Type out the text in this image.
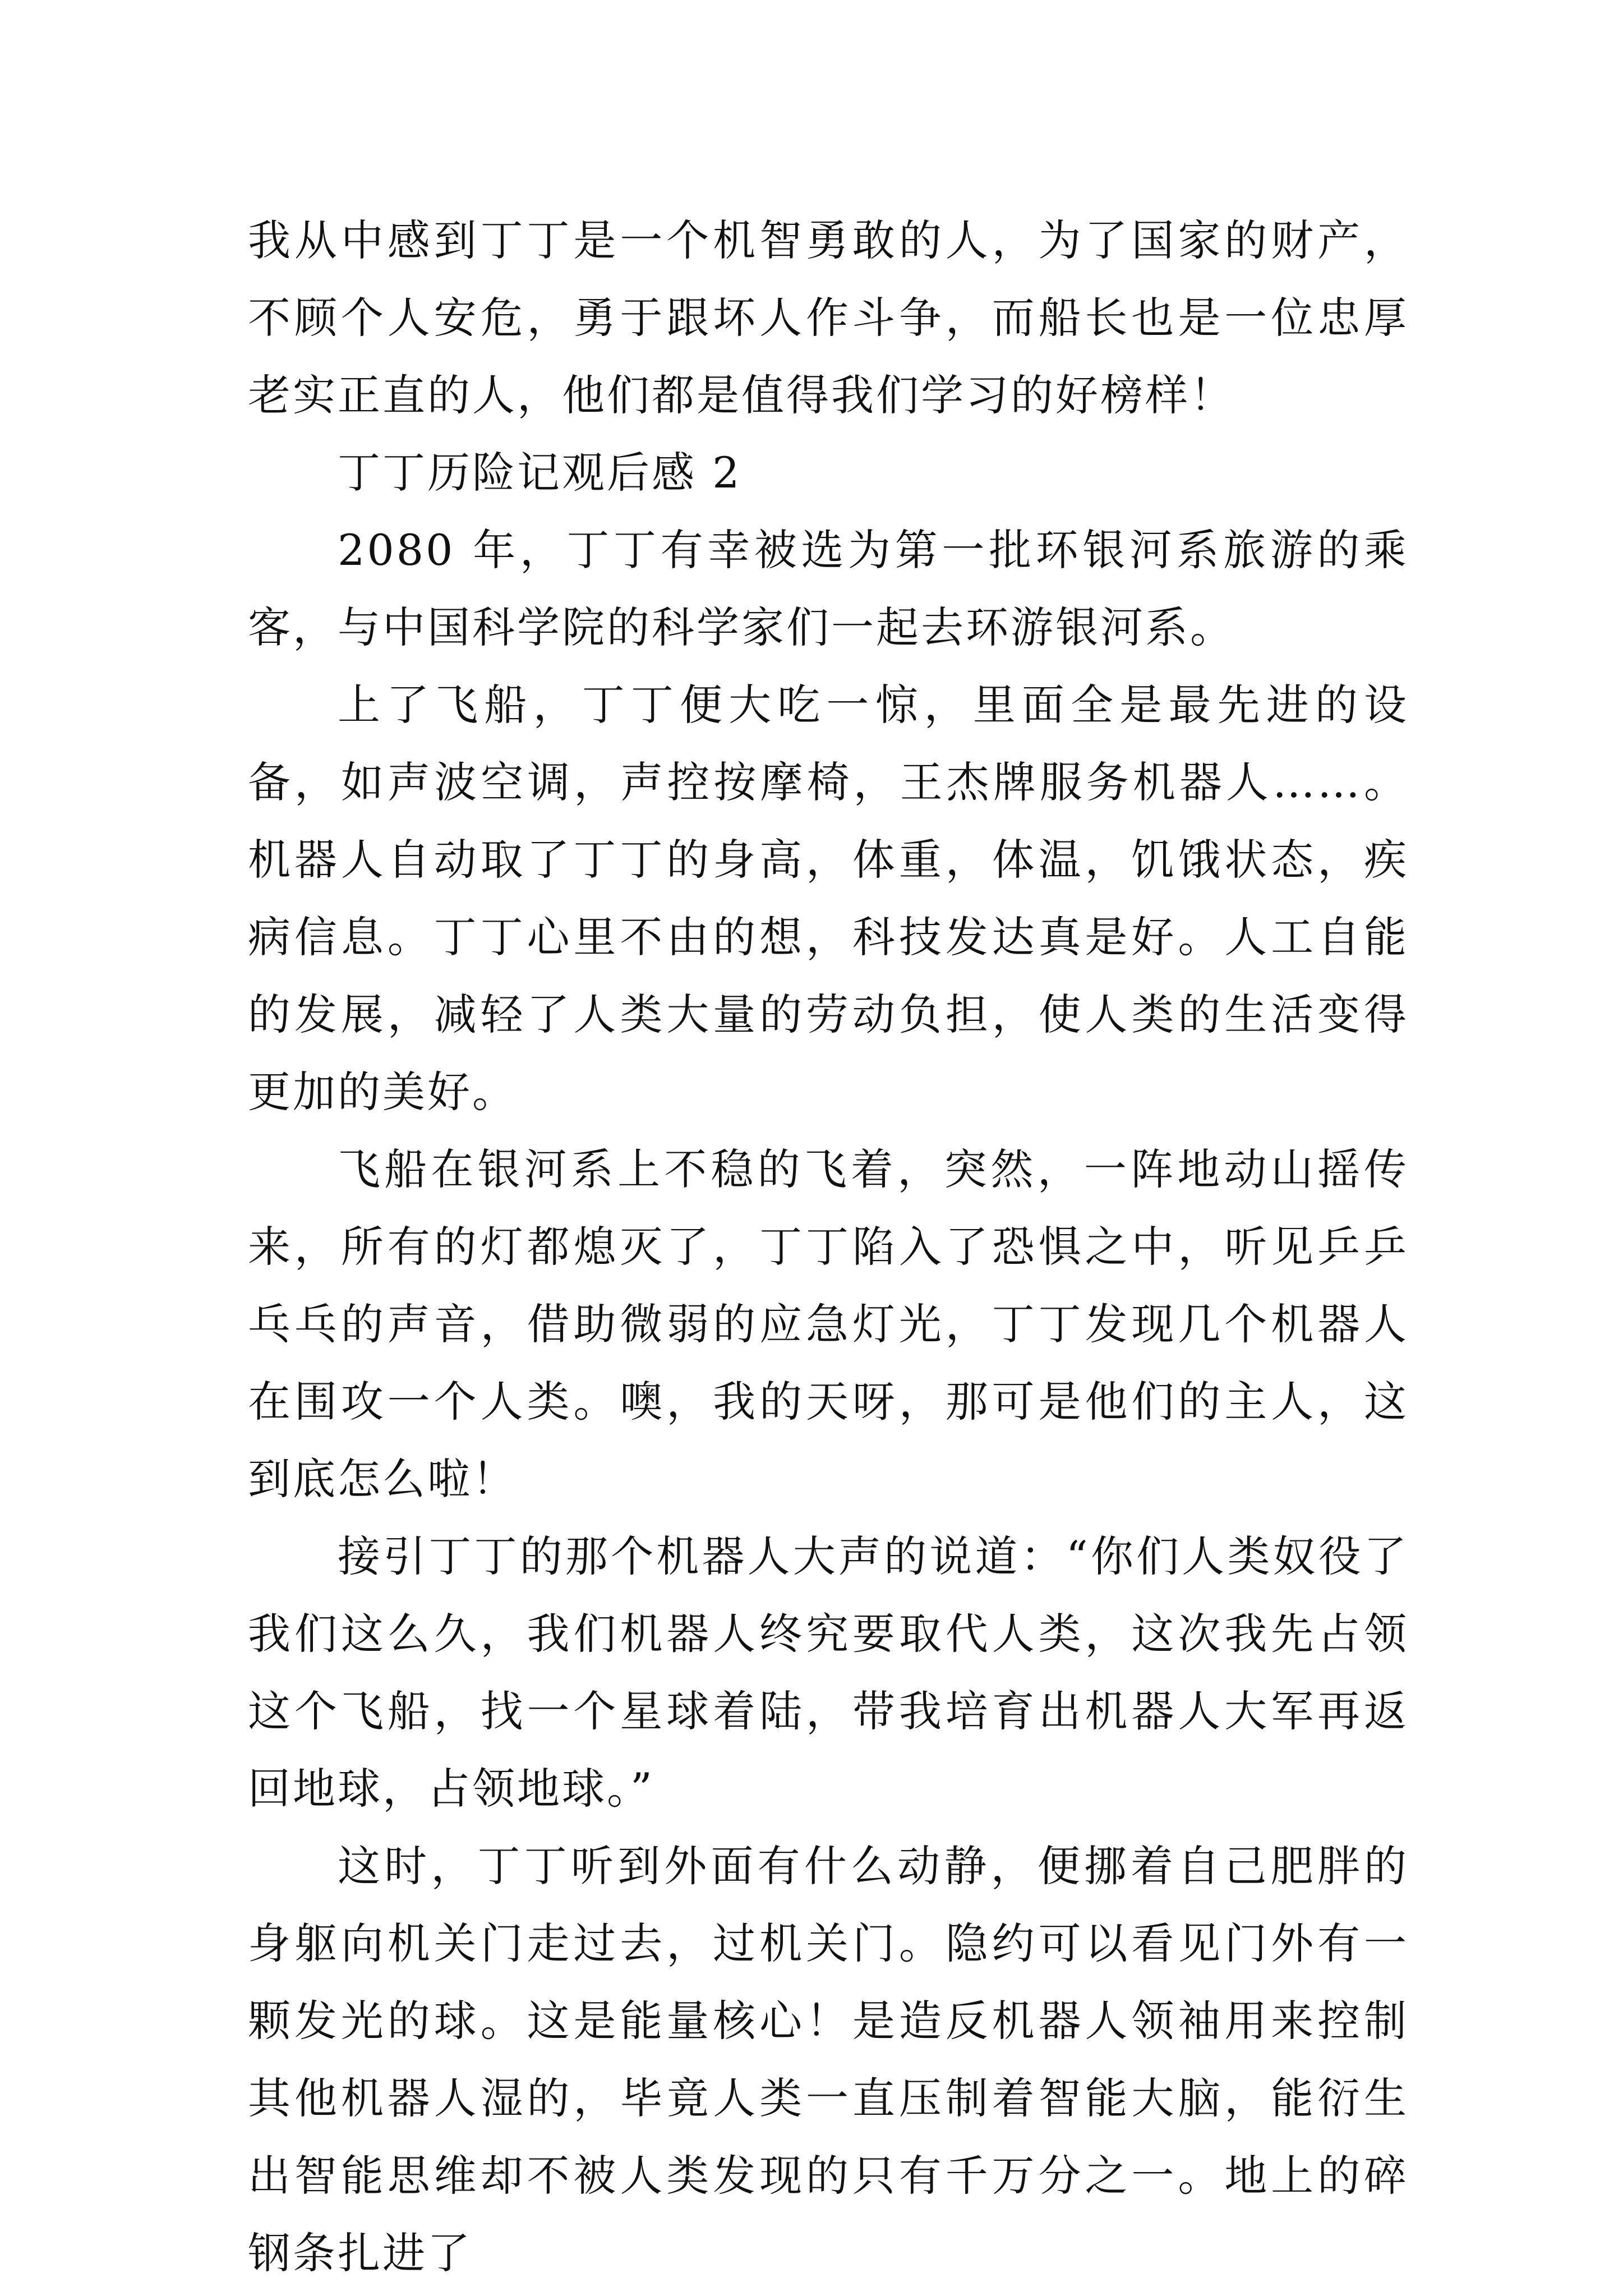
我从中感到丁丁是一个机智勇敢的人，为了国家的财产，不顾个人安危，勇于跟坏人作斗争，而船长也是一位忠厚老实正直的人，他们都是值得我们学习的好榜样！

丁丁历险记观后感 2

2080 年，丁丁有幸被选为第一批环银河系旅游的乘客，与中国科学院的科学家们一起去环游银河系。

上了飞船，丁丁便大吃一惊，里面全是最先进的设备，如声波空调，声控按摩椅，王杰牌服务机器人……。机器人自动取了丁丁的身高，体重，体温，饥饿状态，疾病信息。丁丁心里不由的想，科技发达真是好。人工自能的发展，减轻了人类大量的劳动负担，使人类的生活变得更加的美好。

飞船在银河系上不稳的飞着，突然，一阵地动山摇传来，所有的灯都熄灭了，丁丁陷入了恐惧之中，听见乒乒乓乓的声音，借助微弱的应急灯光，丁丁发现几个机器人在围攻一个人类。噢，我的天呀，那可是他们的主人，这到底怎么啦！

接引丁丁的那个机器人大声的说道：“你们人类奴役了我们这么久，我们机器人终究要取代人类，这次我先占领这个飞船，找一个星球着陆，带我培育出机器人大军再返回地球，占领地球。”

这时，丁丁听到外面有什么动静，便挪着自己肥胖的身躯向机关门走过去，过机关门。隐约可以看见门外有一颗发光的球。这是能量核心！是造反机器人领袖用来控制其他机器人湿的，毕竟人类一直压制着智能大脑，能衍生出智能思维却不被人类发现的只有千万分之一。地上的碎钢条扎进了
